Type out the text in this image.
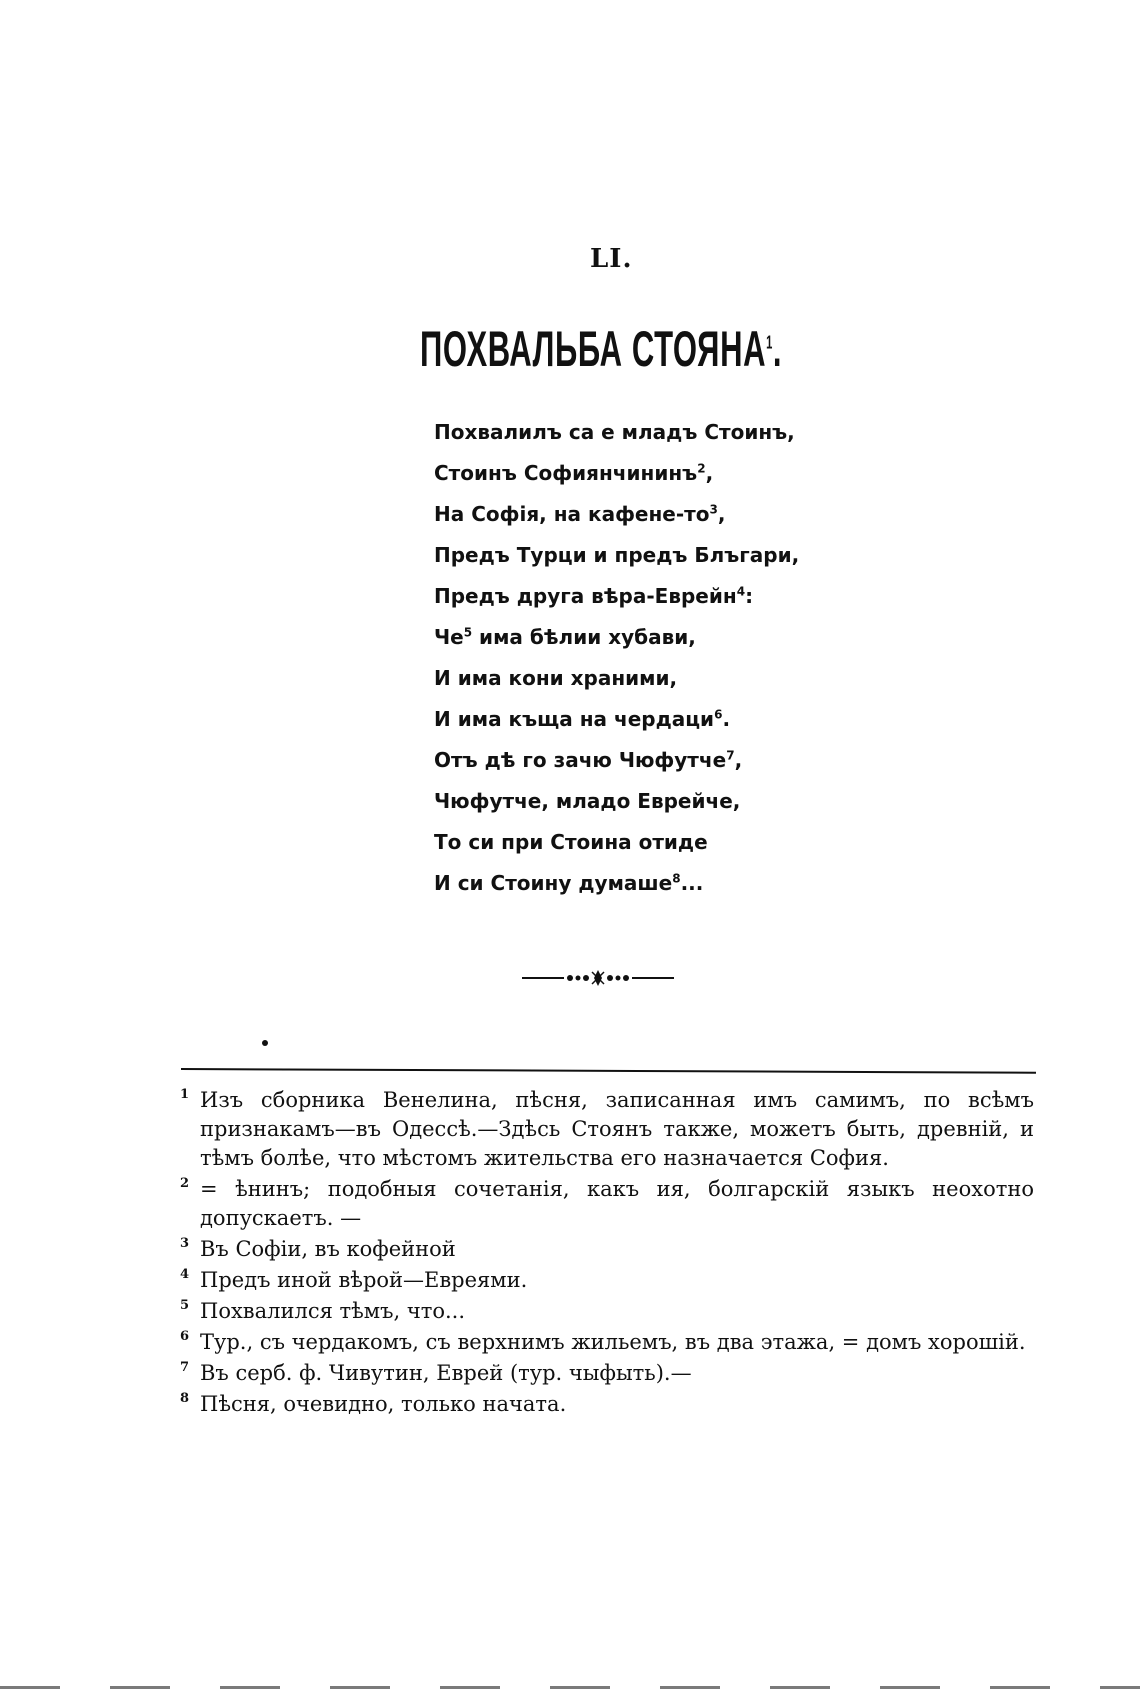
LI.
ПОХВАЛЬБА СТОЯНА$^1$.
Похвалилъ са е младъ Стоинъ,
Стоинъ Софиянчининъ$^2$,
На Софiя, на кафене-$то^3$,
Предъ Турци и предъ Блъгари,
Предъ друга вѣра-Еврейн$^4$:
$Че^5$ има бѣлии хубави,
И има кони храними,
И има къща на чердаци$^6$.
Отъ дѣ го зачю Чюфутче$^7$,
Чюфутче, младо Еврейче,
То си при Стоина отиде
И си Стоину думаше$^8$...
1 Изъ сборника Венелина, пѣсня, записанная имъ самимъ, по всѣмъ признакамъ—въ Одессѣ.—Здѣсь Стоянъ также, можетъ быть, древній, и тѣмъ болѣе, что мѣстомъ жительства его назначается София.
2 = ѣнинъ; подобныя сочетанія, какъ ия, болгарскій языкъ неохотно допускаетъ. —
3 Въ Софіи, въ кофейной
4 Предъ иной вѣрой—Евреями.
5 Похвалился тѣмъ, что...
6 Тур., съ чердакомъ, съ верхнимъ жильемъ, въ два этажа, = домъ хорошій.
7 Въ серб. ф. Чивутин, Еврей (тур. чыфыть).—
8 Пѣсня, очевидно, только начата.
